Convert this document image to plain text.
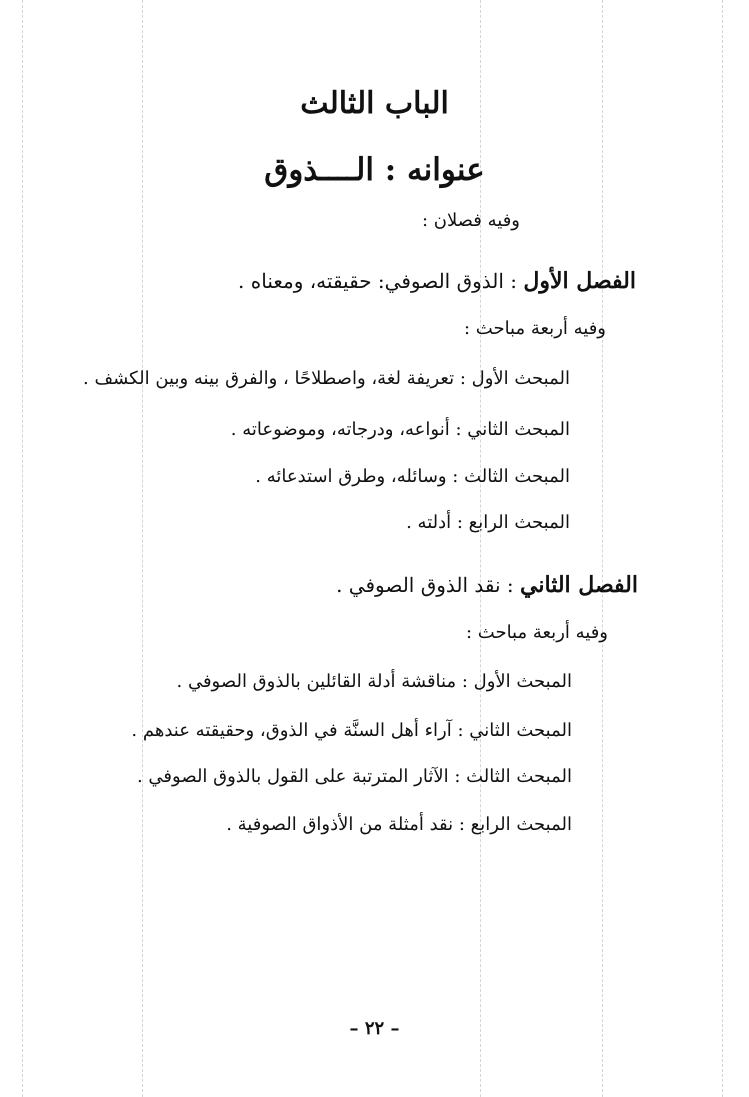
الباب الثالث
عنوانه : الــــذوق
وفيه فصلان :
الفصل الأول : الذوق الصوفي: حقيقته، ومعناه .
وفيه أربعة مباحث :
المبحث الأول : تعريفة لغة، واصطلاحًا ، والفرق بينه وبين الكشف .
المبحث الثاني : أنواعه، ودرجاته، وموضوعاته .
المبحث الثالث : وسائله، وطرق استدعائه .
المبحث الرابع : أدلته .
الفصل الثاني : نقد الذوق الصوفي .
وفيه أربعة مباحث :
المبحث الأول : مناقشة أدلة القائلين بالذوق الصوفي .
المبحث الثاني : آراء أهل السنَّة في الذوق، وحقيقته عندهم .
المبحث الثالث : الآثار المترتبة على القول بالذوق الصوفي .
المبحث الرابع : نقد أمثلة من الأذواق الصوفية .
– ٢٢ –
